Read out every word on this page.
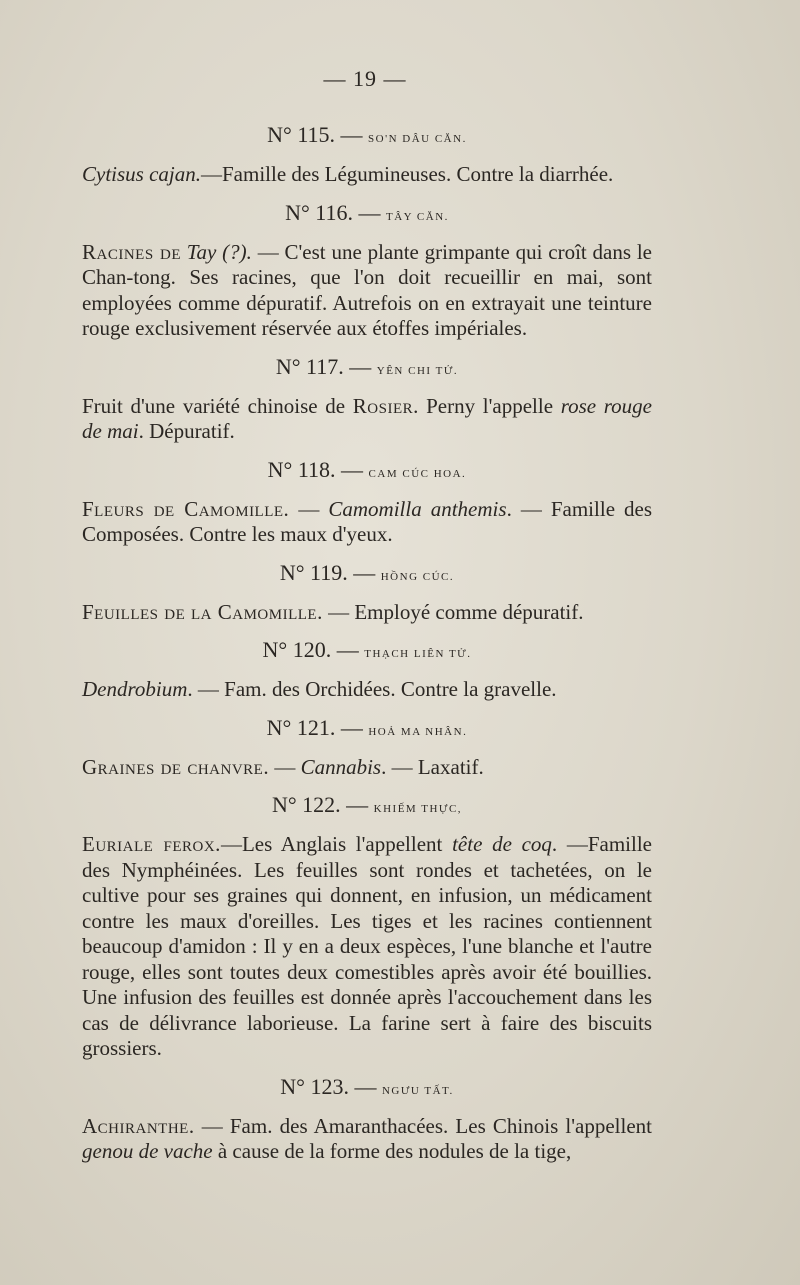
— 19 —
N° 115. — SO'N DÂU CĂN.

Cytisus cajan.—Famille des Légumineuses. Contre la diarrhée.

N° 116. — TÂY CĂN.

Racines de Tay (?). — C'est une plante grimpante qui croît dans le Chan-tong. Ses racines, que l'on doit recueillir en mai, sont employées comme dépuratif. Autrefois on en extrayait une teinture rouge exclusivement réservée aux étoffes impériales.

N° 117. — YÊN CHI TỬ.

Fruit d'une variété chinoise de Rosier. Perny l'appelle rose rouge de mai. Dépuratif.

N° 118. — CAM CÚC HOA.

Fleurs de Camomille. — Camomilla anthemis. — Famille des Composées. Contre les maux d'yeux.

N° 119. — HỒNG CÚC.

Feuilles de la Camomille. — Employé comme dépuratif.

N° 120. — THẠCH LIÊN TỬ.

Dendrobium. — Fam. des Orchidées. Contre la gravelle.

N° 121. — HOẢ MA NHÂN.

Graines de chanvre. — Cannabis. — Laxatif.

N° 122. — KHIẾM THỰC,

Euriale ferox.—Les Anglais l'appellent tête de coq. —Famille des Nymphéinées. Les feuilles sont rondes et tachetées, on le cultive pour ses graines qui donnent, en infusion, un médicament contre les maux d'oreilles. Les tiges et les racines contiennent beaucoup d'amidon : Il y en a deux espèces, l'une blanche et l'autre rouge, elles sont toutes deux comestibles après avoir été bouillies. Une infusion des feuilles est donnée après l'accouchement dans les cas de délivrance laborieuse. La farine sert à faire des biscuits grossiers.

N° 123. — NGƯU TẤT.

Achiranthe. — Fam. des Amaranthacées. Les Chinois l'appellent genou de vache à cause de la forme des nodules de la tige,
